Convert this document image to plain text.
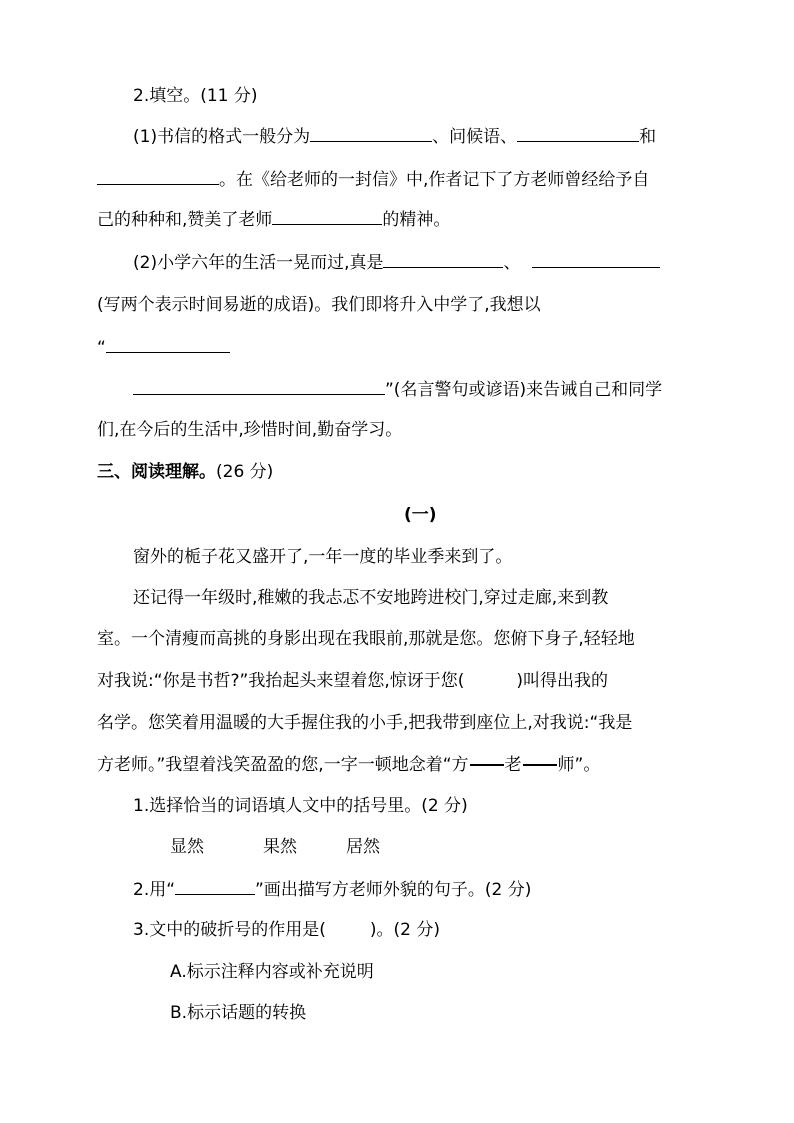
2.填空。(11 分)
(1)书信的格式一般分为	、问候语、	和
。在《给老师的一封信》中,作者记下了方老师曾经给予自
己的种种和,赞美了老师	的精神。
(2)小学六年的生活一晃而过,真是	、
(写两个表示时间易逝的成语)。我们即将升入中学了,我想以
“
”(名言警句或谚语)来告诫自己和同学
们,在今后的生活中,珍惜时间,勤奋学习。
三、阅读理解。(26 分)
(一)
窗外的栀子花又盛开了,一年一度的毕业季来到了。
还记得一年级时,稚嫩的我忐忑不安地跨进校门,穿过走廊,来到教
室。一个清瘦而高挑的身影出现在我眼前,那就是您。您俯下身子,轻轻地
对我说:“你是书哲?”我抬起头来望着您,惊讶于您(	)叫得出我的
名学。您笑着用温暖的大手握住我的小手,把我带到座位上,对我说:“我是
方老师。”我望着浅笑盈盈的您,一字一顿地念着“方 老 师”。
1.选择恰当的词语填人文中的括号里。(2 分)
显然	果然	居然
2.用“	”画出描写方老师外貌的句子。(2 分)
3.文中的破折号的作用是(	)。(2 分)
A.标示注释内容或补充说明
B.标示话题的转换
